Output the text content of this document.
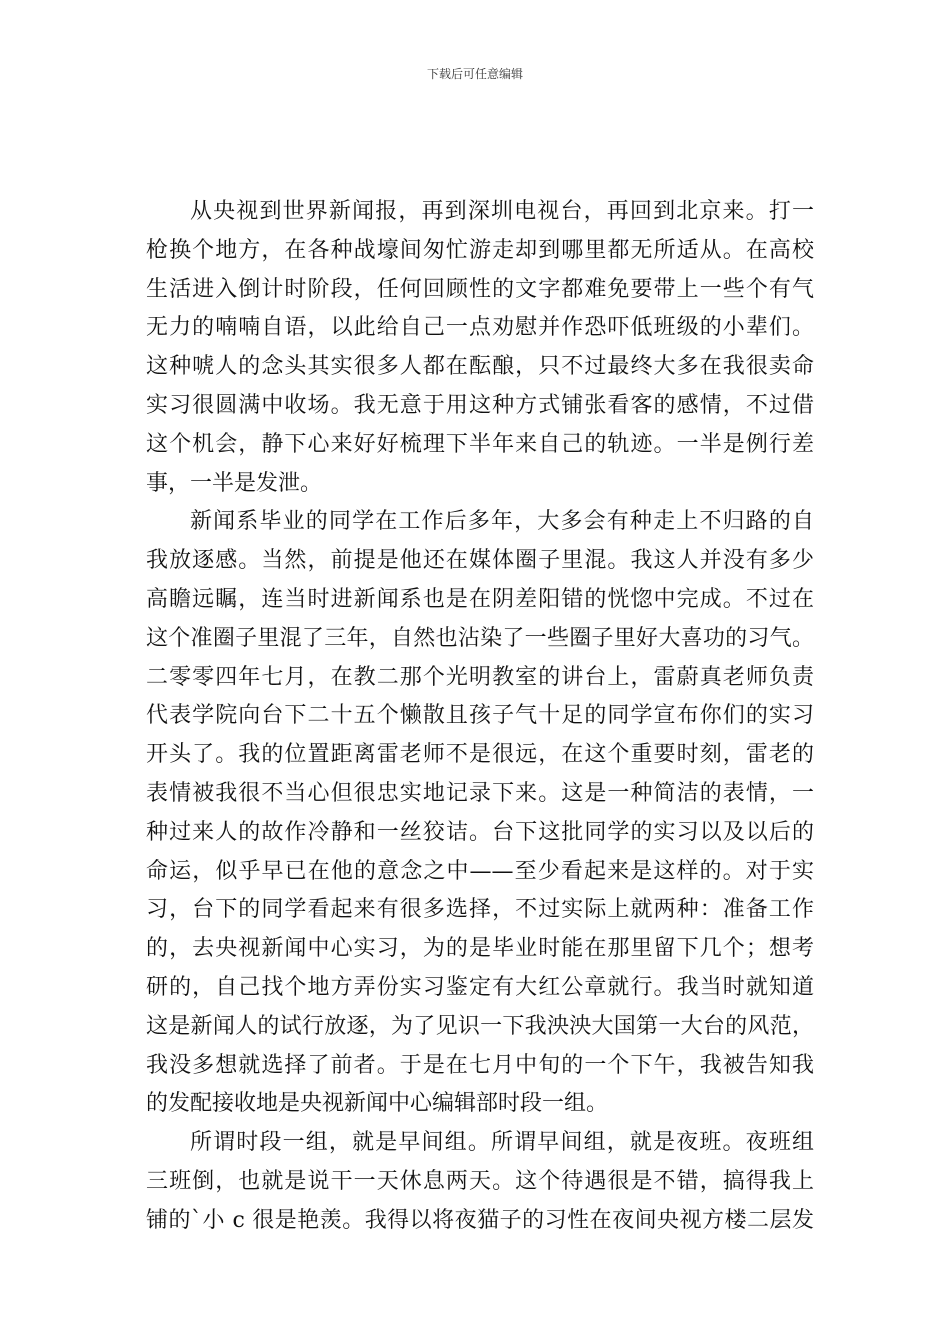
下载后可任意编辑
从央视到世界新闻报，再到深圳电视台，再回到北京来。打一
枪换个地方，在各种战壕间匆忙游走却到哪里都无所适从。在高校
生活进入倒计时阶段，任何回顾性的文字都难免要带上一些个有气
无力的喃喃自语，以此给自己一点劝慰并作恐吓低班级的小辈们。
这种唬人的念头其实很多人都在酝酿，只不过最终大多在我很卖命
实习很圆满中收场。我无意于用这种方式铺张看客的感情，不过借
这个机会，静下心来好好梳理下半年来自己的轨迹。一半是例行差
事，一半是发泄。
新闻系毕业的同学在工作后多年，大多会有种走上不归路的自
我放逐感。当然，前提是他还在媒体圈子里混。我这人并没有多少
高瞻远瞩，连当时进新闻系也是在阴差阳错的恍惚中完成。不过在
这个准圈子里混了三年，自然也沾染了一些圈子里好大喜功的习气。
二零零四年七月，在教二那个光明教室的讲台上，雷蔚真老师负责
代表学院向台下二十五个懒散且孩子气十足的同学宣布你们的实习
开头了。我的位置距离雷老师不是很远，在这个重要时刻，雷老的
表情被我很不当心但很忠实地记录下来。这是一种简洁的表情，一
种过来人的故作冷静和一丝狡诘。台下这批同学的实习以及以后的
命运，似乎早已在他的意念之中——至少看起来是这样的。对于实
习，台下的同学看起来有很多选择，不过实际上就两种：准备工作
的，去央视新闻中心实习，为的是毕业时能在那里留下几个；想考
研的，自己找个地方弄份实习鉴定有大红公章就行。我当时就知道
这是新闻人的试行放逐，为了见识一下我泱泱大国第一大台的风范，
我没多想就选择了前者。于是在七月中旬的一个下午，我被告知我
的发配接收地是央视新闻中心编辑部时段一组。
所谓时段一组，就是早间组。所谓早间组，就是夜班。夜班组
三班倒，也就是说干一天休息两天。这个待遇很是不错，搞得我上
铺的`小 c 很是艳羡。我得以将夜猫子的习性在夜间央视方楼二层发
